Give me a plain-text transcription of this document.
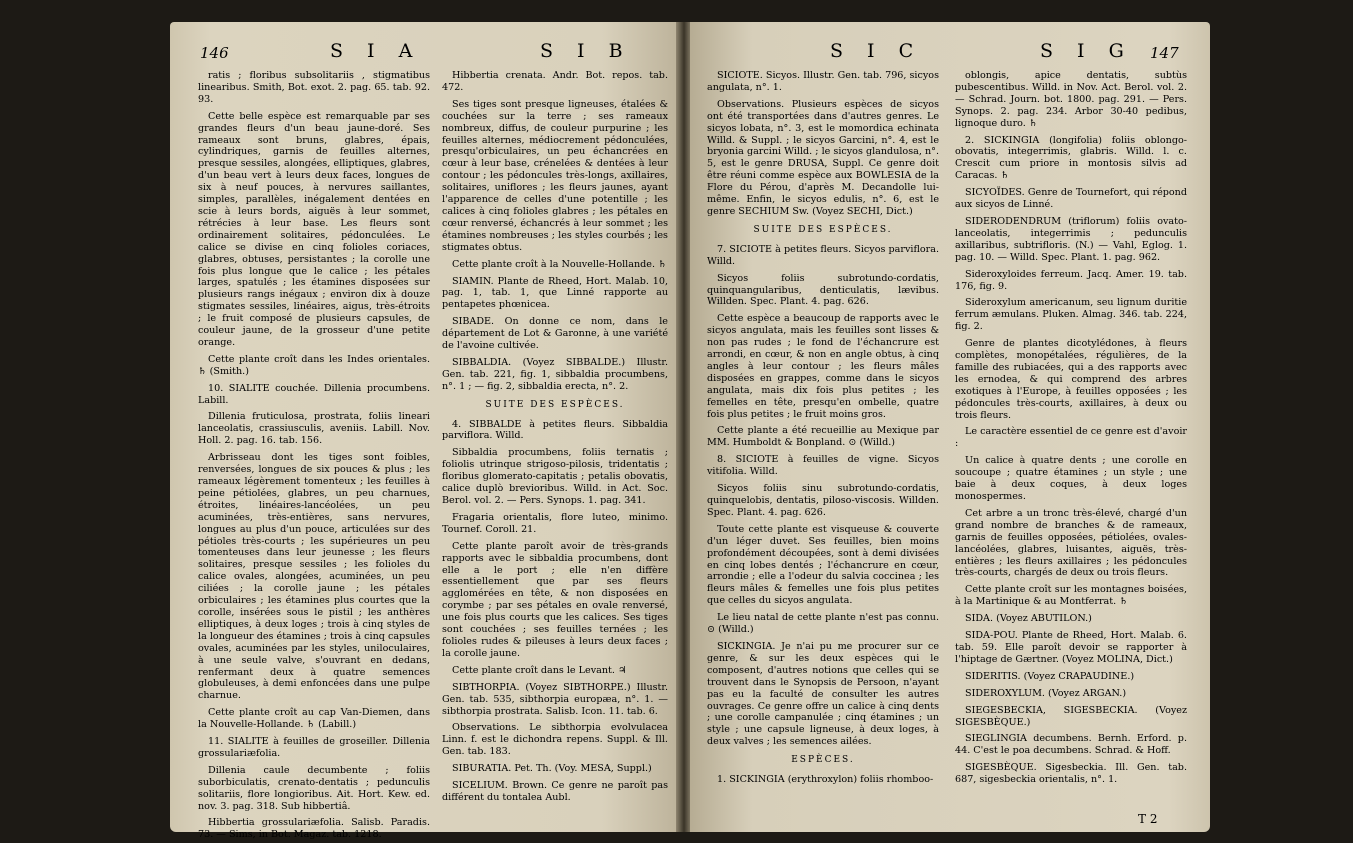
146	S I A	S I B	S I C	S I G 147

ratis ; floribus subsolitariis , stigmatibus linearibus. Smith, Bot. exot. 2. pag. 65. tab. 92. 93.

Cette belle espèce est remarquable par ses grandes fleurs d'un beau jaune-doré. Ses rameaux sont bruns, glabres, épais, cylindriques, garnis de feuilles alternes, presque sessiles, alongées, elliptiques, glabres, d'un beau vert à leurs deux faces, longues de six à neuf pouces, à nervures saillantes, simples, parallèles, inégalement dentées en scie à leurs bords, aiguës à leur sommet, rétrécies à leur base. Les fleurs sont ordinairement solitaires, pédonculées. Le calice se divise en cinq folioles coriaces, glabres, obtuses, persistantes ; la corolle une fois plus longue que le calice ; les pétales larges, spatulés ; les étamines disposées sur plusieurs rangs inégaux ; environ dix à douze stigmates sessiles, linéaires, aigus, très-étroits ; le fruit composé de plusieurs capsules, de couleur jaune, de la grosseur d'une petite orange.

Cette plante croît dans les Indes orientales. ♄ (Smith.)

10. SIALITE couchée. Dillenia procumbens. Labill.

Dillenia fruticulosa, prostrata, foliis lineari lanceolatis, crassiusculis, aveniis. Labill. Nov. Holl. 2. pag. 16. tab. 156.

Arbrisseau dont les tiges sont foibles, renversées, longues de six pouces & plus ; les rameaux légèrement tomenteux ; les feuilles à peine pétiolées, glabres, un peu charnues, étroites, linéaires-lancéolées, un peu acuminées, très-entières, sans nervures, longues au plus d'un pouce, articulées sur des pétioles très-courts ; les supérieures un peu tomenteuses dans leur jeunesse ; les fleurs solitaires, presque sessiles ; les folioles du calice ovales, alongées, acuminées, un peu ciliées ; la corolle jaune ; les pétales orbiculaires ; les étamines plus courtes que la corolle, insérées sous le pistil ; les anthères elliptiques, à deux loges ; trois à cinq styles de la longueur des étamines ; trois à cinq capsules ovales, acuminées par les styles, uniloculaires, à une seule valve, s'ouvrant en dedans, renfermant deux à quatre semences globuleuses, à demi enfoncées dans une pulpe charnue.

Cette plante croît au cap Van-Diemen, dans la Nouvelle-Hollande. ♄ (Labill.)

11. SIALITE à feuilles de groseiller. Dillenia grossulariæfolia.

Dillenia caule decumbente ; foliis suborbiculatis, crenato-dentatis ; pedunculis solitariis, flore longioribus. Ait. Hort. Kew. ed. nov. 3. pag. 318. Sub hibbertiâ.

Hibbertia grossulariæfolia. Salisb. Paradis. 73. — Sims, in Bot. Magaz. tab. 1218.

Hibbertia crenata. Andr. Bot. repos. tab. 472.

Ses tiges sont presque ligneuses, étalées & couchées sur la terre ; ses rameaux nombreux, diffus, de couleur purpurine ; les feuilles alternes, médiocrement pédonculées, presqu'orbiculaires, un peu échancrées en cœur à leur base, crénelées & dentées à leur contour ; les pédoncules très-longs, axillaires, solitaires, uniflores ; les fleurs jaunes, ayant l'apparence de celles d'une potentille ; les calices à cinq folioles glabres ; les pétales en cœur renversé, échancrés à leur sommet ; les étamines nombreuses ; les styles courbés ; les stigmates obtus.

Cette plante croît à la Nouvelle-Hollande. ♄

SIAMIN. Plante de Rheed, Hort. Malab. 10, pag. 1, tab. 1, que Linné rapporte au pentapetes phœnicea.

SIBADE. On donne ce nom, dans le département de Lot & Garonne, à une variété de l'avoine cultivée.

SIBBALDIA. (Voyez SIBBALDE.) Illustr. Gen. tab. 221, fig. 1, sibbaldia procumbens, n°. 1 ; — fig. 2, sibbaldia erecta, n°. 2.

SUITE DES ESPÈCES.

4. SIBBALDE à petites fleurs. Sibbaldia parviflora. Willd.

Sibbaldia procumbens, foliis ternatis ; foliolis utrinque strigoso-pilosis, tridentatis ; floribus glomerato-capitatis ; petalis obovatis, calice duplò brevioribus. Willd. in Act. Soc. Berol. vol. 2. — Pers. Synops. 1. pag. 341.

Fragaria orientalis, flore luteo, minimo. Tournef. Coroll. 21.

Cette plante paroît avoir de très-grands rapports avec le sibbaldia procumbens, dont elle a le port ; elle n'en diffère essentiellement que par ses fleurs agglomérées en tête, & non disposées en corymbe ; par ses pétales en ovale renversé, une fois plus courts que les calices. Ses tiges sont couchées ; ses feuilles ternées ; les folioles rudes & pileuses à leurs deux faces ; la corolle jaune.

Cette plante croît dans le Levant. ♃

SIBTHORPIA. (Voyez SIBTHORPE.) Illustr. Gen. tab. 535, sibthorpia europæa, n°. 1. — sibthorpia prostrata. Salisb. Icon. 11. tab. 6.

Observations. Le sibthorpia evolvulacea Linn. f. est le dichondra repens. Suppl. & Ill. Gen. tab. 183.

SIBURATIA. Pet. Th. (Voy. MESA, Suppl.)

SICELIUM. Brown. Ce genre ne paroît pas différent du tontalea Aubl.

SICIOTE. Sicyos. Illustr. Gen. tab. 796, sicyos angulata, n°. 1.

Observations. Plusieurs espèces de sicyos ont été transportées dans d'autres genres. Le sicyos lobata, n°. 3, est le momordica echinata Willd. & Suppl. ; le sicyos Garcini, n°. 4, est le bryonia garcini Willd. ; le sicyos glandulosa, n°. 5, est le genre DRUSA, Suppl. Ce genre doit être réuni comme espèce aux BOWLESIA de la Flore du Pérou, d'après M. Decandolle lui-même. Enfin, le sicyos edulis, n°. 6, est le genre SECHIUM Sw. (Voyez SECHI, Dict.)

SUITE DES ESPÈCES.

7. SICIOTE à petites fleurs. Sicyos parviflora. Willd.

Sicyos foliis subrotundo-cordatis, quinquangularibus, denticulatis, lævibus. Willden. Spec. Plant. 4. pag. 626.

Cette espèce a beaucoup de rapports avec le sicyos angulata, mais les feuilles sont lisses & non pas rudes ; le fond de l'échancrure est arrondi, en cœur, & non en angle obtus, à cinq angles à leur contour ; les fleurs mâles disposées en grappes, comme dans le sicyos angulata, mais dix fois plus petites ; les femelles en tête, presqu'en ombelle, quatre fois plus petites ; le fruit moins gros.

Cette plante a été recueillie au Mexique par MM. Humboldt & Bonpland. ⊙ (Willd.)

8. SICIOTE à feuilles de vigne. Sicyos vitifolia. Willd.

Sicyos foliis sinu subrotundo-cordatis, quinquelobis, dentatis, piloso-viscosis. Willden. Spec. Plant. 4. pag. 626.

Toute cette plante est visqueuse & couverte d'un léger duvet. Ses feuilles, bien moins profondément découpées, sont à demi divisées en cinq lobes dentés ; l'échancrure en cœur, arrondie ; elle a l'odeur du salvia coccinea ; les fleurs mâles & femelles une fois plus petites que celles du sicyos angulata.

Le lieu natal de cette plante n'est pas connu. ⊙ (Willd.)

SICKINGIA. Je n'ai pu me procurer sur ce genre, & sur les deux espèces qui le composent, d'autres notions que celles qui se trouvent dans le Synopsis de Persoon, n'ayant pas eu la faculté de consulter les autres ouvrages. Ce genre offre un calice à cinq dents ; une corolle campanulée ; cinq étamines ; un style ; une capsule ligneuse, à deux loges, à deux valves ; les semences ailées.

ESPÈCES.

1. SICKINGIA (erythroxylon) foliis rhomboo-

oblongis, apice dentatis, subtùs pubescentibus. Willd. in Nov. Act. Berol. vol. 2. — Schrad. Journ. bot. 1800. pag. 291. — Pers. Synops. 2. pag. 234. Arbor 30-40 pedibus, lignoque duro. ♄

2. SICKINGIA (longifolia) foliis oblongo-obovatis, integerrimis, glabris. Willd. l. c. Crescit cum priore in montosis silvis ad Caracas. ♄

SICYOÏDES. Genre de Tournefort, qui répond aux sicyos de Linné.

SIDERODENDRUM (triflorum) foliis ovato-lanceolatis, integerrimis ; pedunculis axillaribus, subtrifloris. (N.) — Vahl, Eglog. 1. pag. 10. — Willd. Spec. Plant. 1. pag. 962.

Sideroxyloides ferreum. Jacq. Amer. 19. tab. 176, fig. 9.

Sideroxylum americanum, seu lignum duritie ferrum æmulans. Pluken. Almag. 346. tab. 224, fig. 2.

Genre de plantes dicotylédones, à fleurs complètes, monopétalées, régulières, de la famille des rubiacées, qui a des rapports avec les ernodea, & qui comprend des arbres exotiques à l'Europe, à feuilles opposées ; les pédoncules très-courts, axillaires, à deux ou trois fleurs.

Le caractère essentiel de ce genre est d'avoir :

Un calice à quatre dents ; une corolle en soucoupe ; quatre étamines ; un style ; une baie à deux coques, à deux loges monospermes.

Cet arbre a un tronc très-élevé, chargé d'un grand nombre de branches & de rameaux, garnis de feuilles opposées, pétiolées, ovales-lancéolées, glabres, luisantes, aiguës, très-entières ; les fleurs axillaires ; les pédoncules très-courts, chargés de deux ou trois fleurs.

Cette plante croît sur les montagnes boisées, à la Martinique & au Montferrat. ♄

SIDA. (Voyez ABUTILON.)

SIDA-POU. Plante de Rheed, Hort. Malab. 6. tab. 59. Elle paroît devoir se rapporter à l'hiptage de Gærtner. (Voyez MOLINA, Dict.)

SIDERITIS. (Voyez CRAPAUDINE.)

SIDEROXYLUM. (Voyez ARGAN.)

SIEGESBECKIA, SIGESBECKIA. (Voyez SIGESBÈQUE.)

SIEGLINGIA decumbens. Bernh. Erford. p. 44. C'est le poa decumbens. Schrad. & Hoff.

SIGESBÈQUE. Sigesbeckia. Ill. Gen. tab. 687, sigesbeckia orientalis, n°. 1.

T 2
